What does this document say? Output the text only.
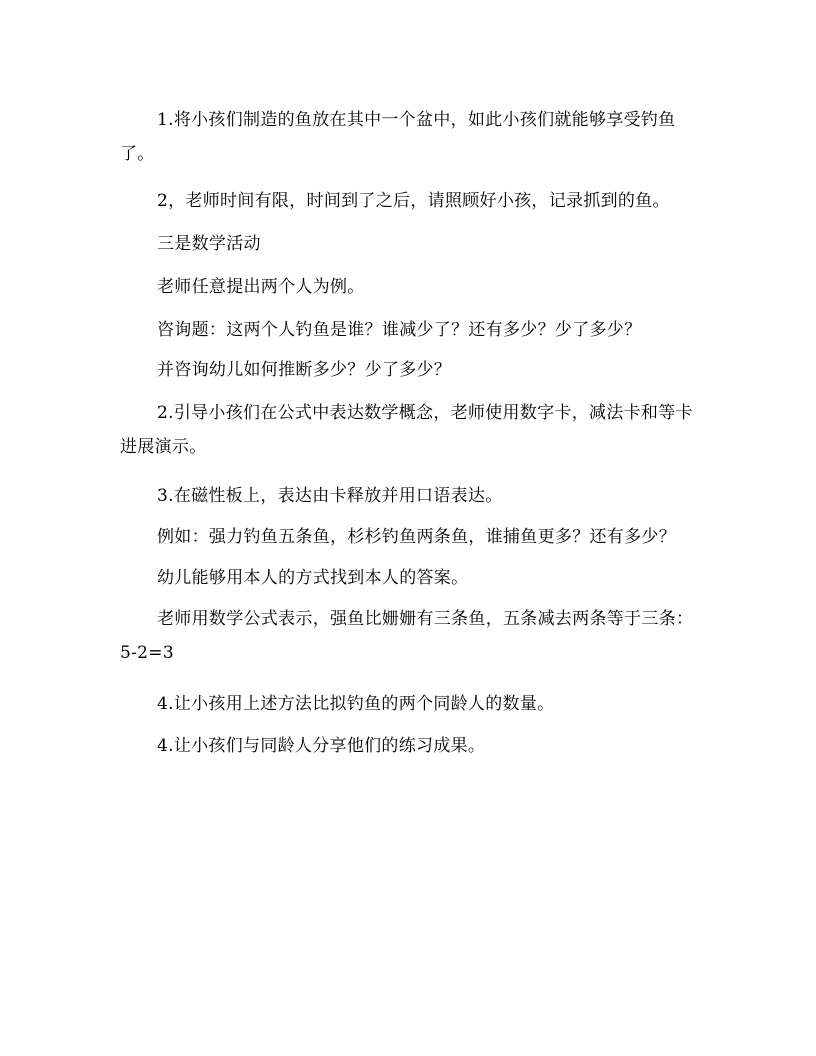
1.将小孩们制造的鱼放在其中一个盆中，如此小孩们就能够享受钓鱼了。

2，老师时间有限，时间到了之后，请照顾好小孩，记录抓到的鱼。

三是数学活动

老师任意提出两个人为例。

咨询题：这两个人钓鱼是谁？谁减少了？还有多少？少了多少？

并咨询幼儿如何推断多少？少了多少？

2.引导小孩们在公式中表达数学概念，老师使用数字卡，减法卡和等卡进展演示。

3.在磁性板上，表达由卡释放并用口语表达。

例如：强力钓鱼五条鱼，杉杉钓鱼两条鱼，谁捕鱼更多？还有多少？

幼儿能够用本人的方式找到本人的答案。

老师用数学公式表示，强鱼比姗姗有三条鱼，五条减去两条等于三条：5-2=3

4.让小孩用上述方法比拟钓鱼的两个同龄人的数量。

4.让小孩们与同龄人分享他们的练习成果。
